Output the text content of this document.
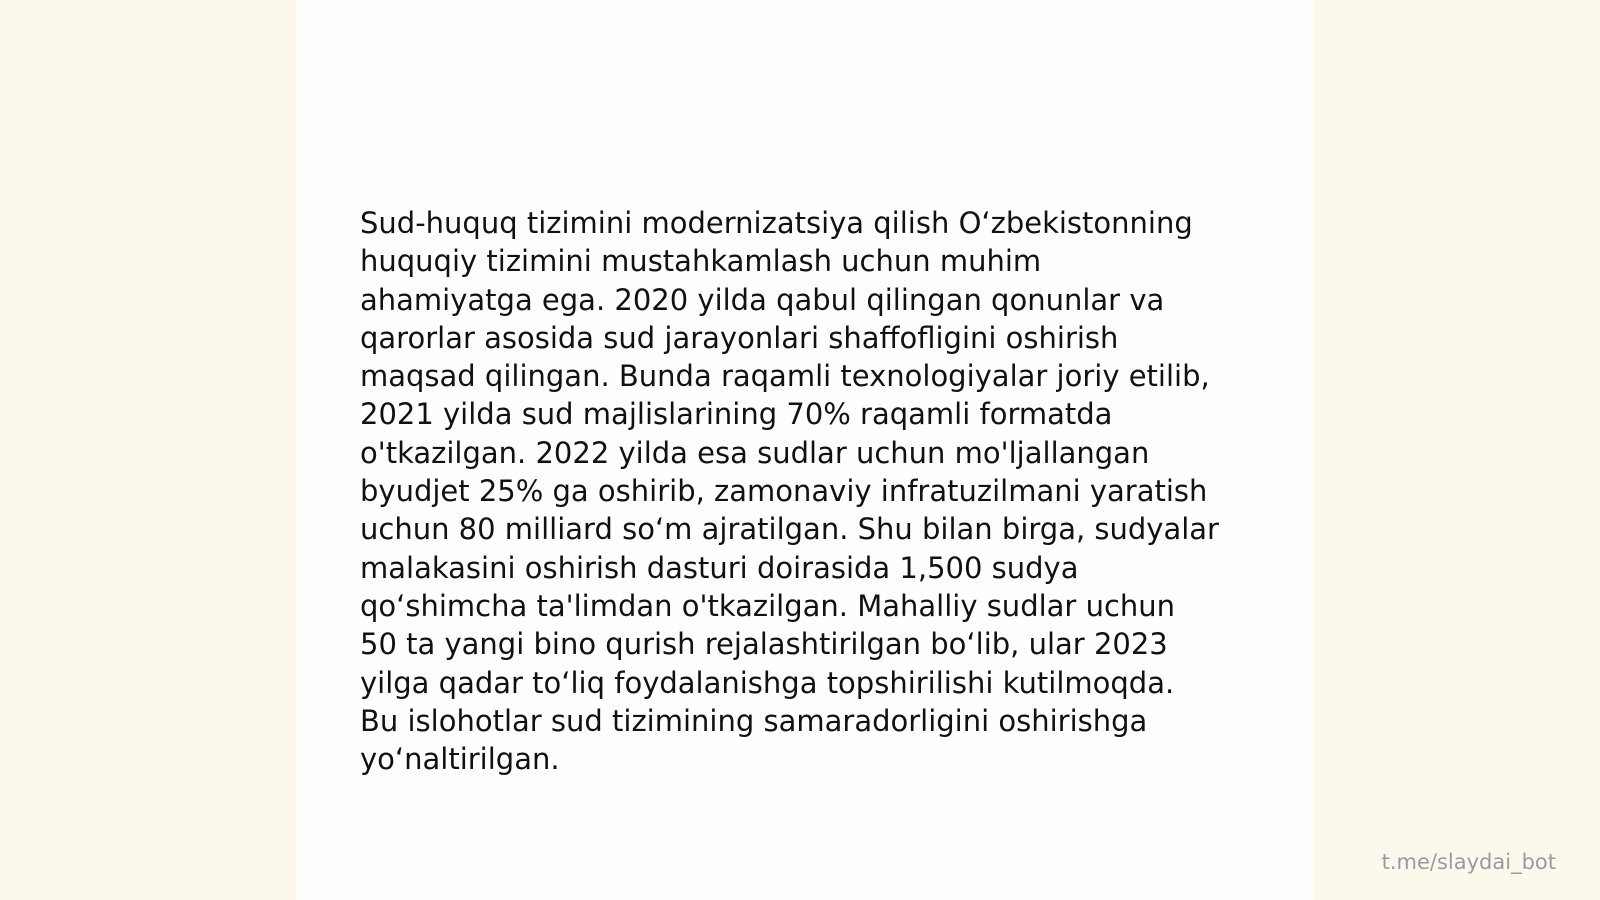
Sud-huquq tizimini modernizatsiya qilish O‘zbekistonning
huquqiy tizimini mustahkamlash uchun muhim
ahamiyatga ega. 2020 yilda qabul qilingan qonunlar va
qarorlar asosida sud jarayonlari shaffofligini oshirish
maqsad qilingan. Bunda raqamli texnologiyalar joriy etilib,
2021 yilda sud majlislarining 70% raqamli formatda
o'tkazilgan. 2022 yilda esa sudlar uchun mo'ljallangan
byudjet 25% ga oshirib, zamonaviy infratuzilmani yaratish
uchun 80 milliard so‘m ajratilgan. Shu bilan birga, sudyalar
malakasini oshirish dasturi doirasida 1,500 sudya
qo‘shimcha ta'limdan o'tkazilgan. Mahalliy sudlar uchun
50 ta yangi bino qurish rejalashtirilgan bo‘lib, ular 2023
yilga qadar to‘liq foydalanishga topshirilishi kutilmoqda.
Bu islohotlar sud tizimining samaradorligini oshirishga
yo‘naltirilgan.

t.me/slaydai_bot
